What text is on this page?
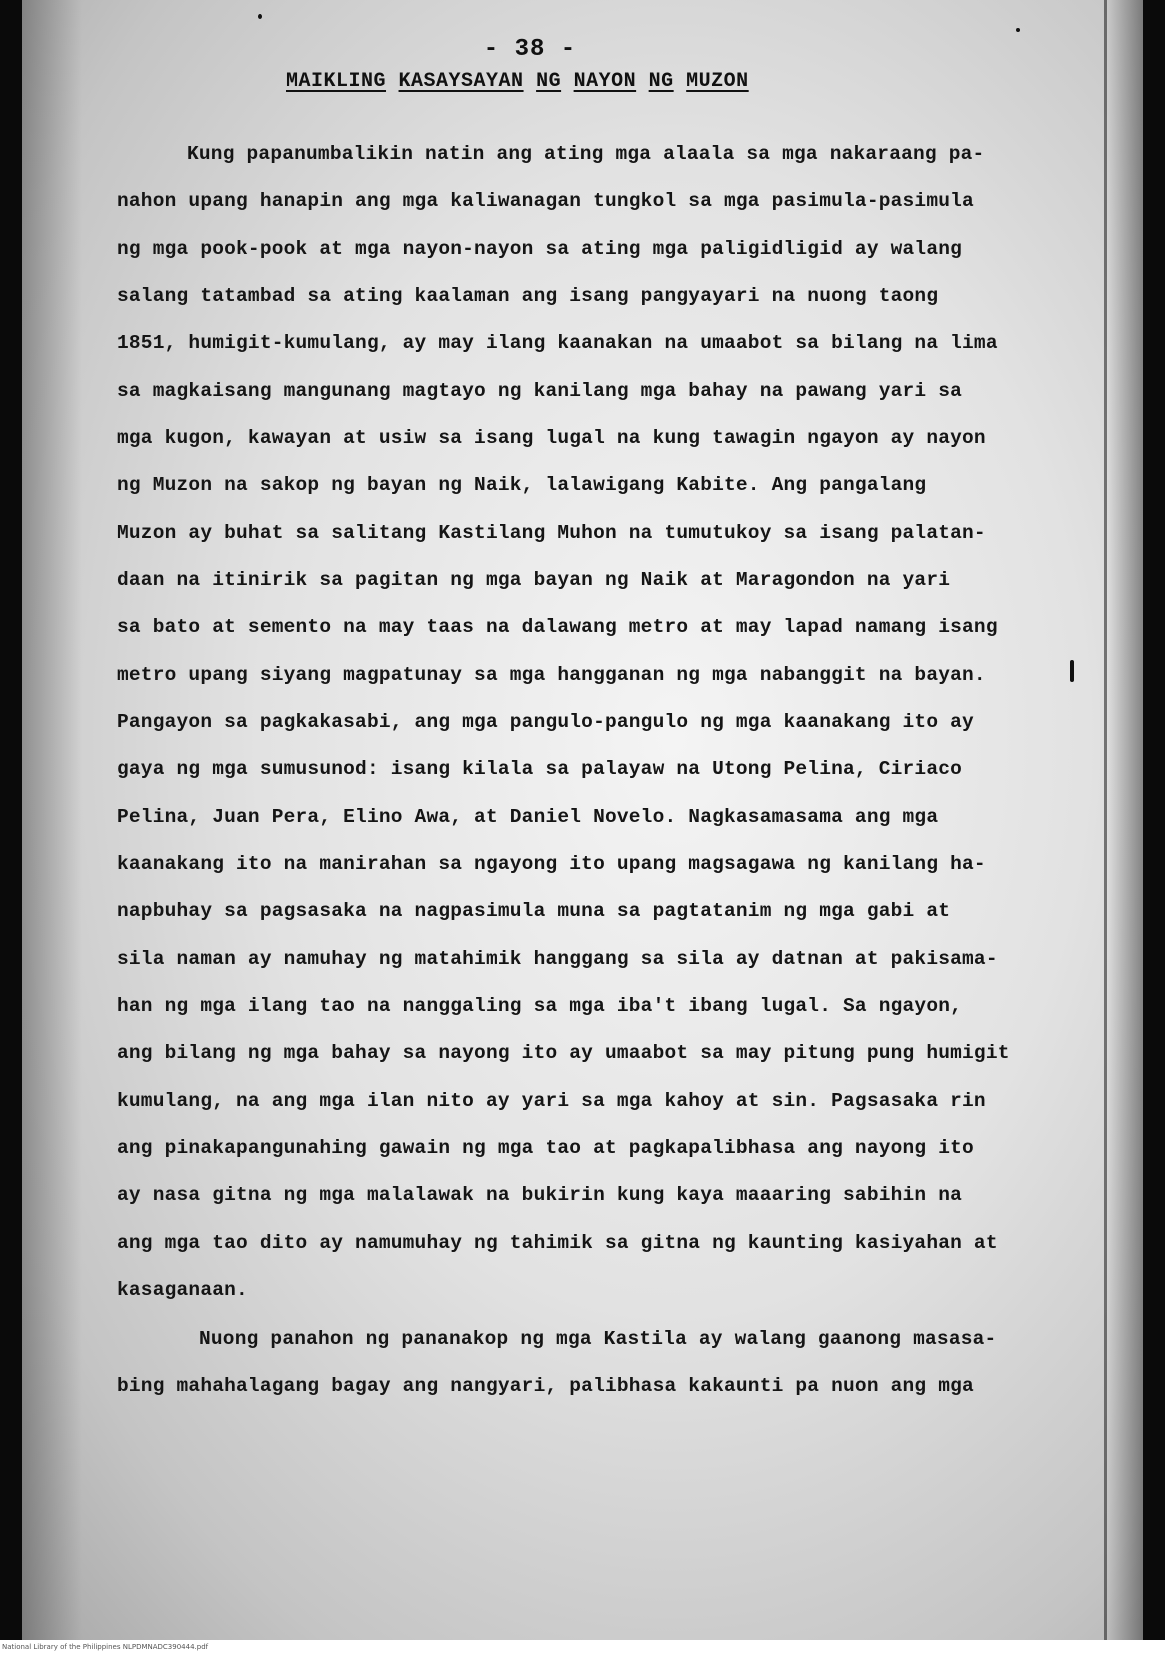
- 38 -
MAIKLING KASAYSAYAN NG NAYON NG MUZON
Kung papanumbalikin natin ang ating mga alaala sa mga nakaraang pa-
nahon upang hanapin ang mga kaliwanagan tungkol sa mga pasimula-pasimula
ng mga pook-pook at mga nayon-nayon sa ating mga paligidligid ay walang
salang tatambad sa ating kaalaman ang isang pangyayari na nuong taong
1851, humigit-kumulang, ay may ilang kaanakan na umaabot sa bilang na lima
sa magkaisang mangunang magtayo ng kanilang mga bahay na pawang yari sa
mga kugon, kawayan at usiw sa isang lugal na kung tawagin ngayon ay nayon
ng Muzon na sakop ng bayan ng Naik, lalawigang Kabite. Ang pangalang
Muzon ay buhat sa salitang Kastilang Muhon na tumutukoy sa isang palatan-
daan na itinirik sa pagitan ng mga bayan ng Naik at Maragondon na yari
sa bato at semento na may taas na dalawang metro at may lapad namang isang
metro upang siyang magpatunay sa mga hangganan ng mga nabanggit na bayan.
Pangayon sa pagkakasabi, ang mga pangulo-pangulo ng mga kaanakang ito ay
gaya ng mga sumusunod: isang kilala sa palayaw na Utong Pelina, Ciriaco
Pelina, Juan Pera, Elino Awa, at Daniel Novelo. Nagkasamasama ang mga
kaanakang ito na manirahan sa ngayong ito upang magsagawa ng kanilang ha-
napbuhay sa pagsasaka na nagpasimula muna sa pagtatanim ng mga gabi at
sila naman ay namuhay ng matahimik hanggang sa sila ay datnan at pakisama-
han ng mga ilang tao na nanggaling sa mga iba't ibang lugal. Sa ngayon,
ang bilang ng mga bahay sa nayong ito ay umaabot sa may pitung pung humigit
kumulang, na ang mga ilan nito ay yari sa mga kahoy at sin. Pagsasaka rin
ang pinakapangunahing gawain ng mga tao at pagkapalibhasa ang nayong ito
ay nasa gitna ng mga malalawak na bukirin kung kaya maaaring sabihin na
ang mga tao dito ay namumuhay ng tahimik sa gitna ng kaunting kasiyahan at
kasaganaan.
Nuong panahon ng pananakop ng mga Kastila ay walang gaanong masasa-
bing mahahalagang bagay ang nangyari, palibhasa kakaunti pa nuon ang mga
National Library of the Philippines NLPDMNADC390444.pdf
